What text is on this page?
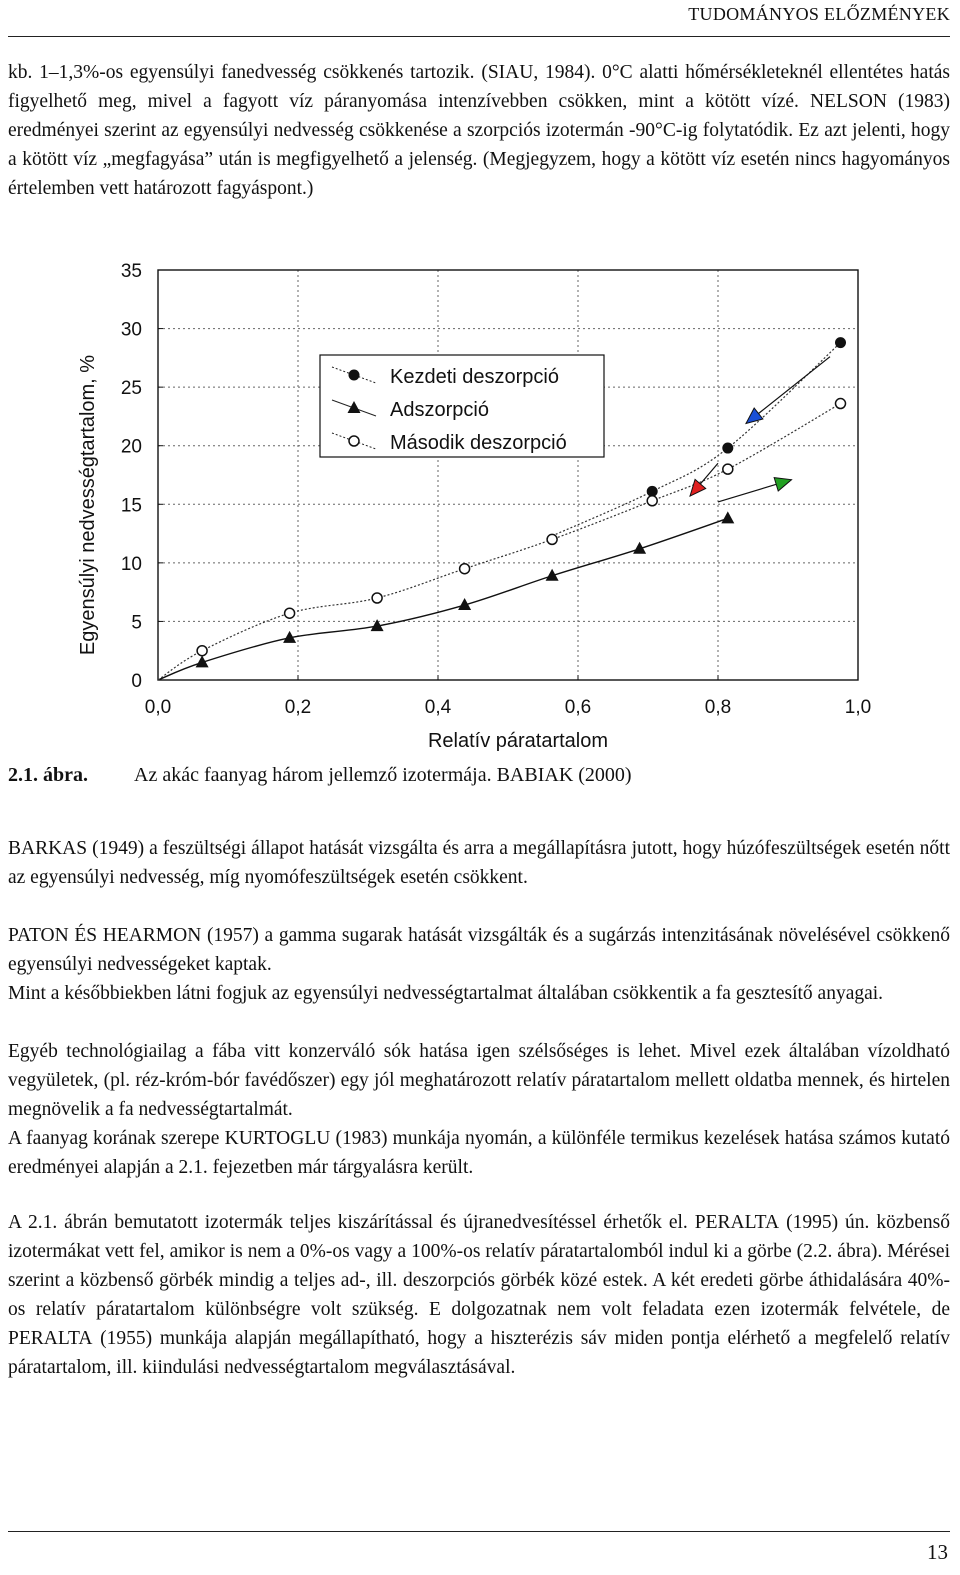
TUDOMÁNYOS ELŐZMÉNYEK

kb. 1–1,3%-os egyensúlyi fanedvesség csökkenés tartozik. (SIAU, 1984). 0°C alatti hőmérsékleteknél ellentétes hatás figyelhető meg, mivel a fagyott víz páranyomása intenzívebben csökken, mint a kötött vízé. NELSON (1983) eredményei szerint az egyensúlyi nedvesség csökkenése a szorpciós izotermán -90°C-ig folytatódik. Ez azt jelenti, hogy a kötött víz „megfagyása” után is megfigyelhető a jelenség. (Megjegyzem, hogy a kötött víz esetén nincs hagyományos értelemben vett határozott fagyáspont.)

0,0	0,2	0,4	0,6	0,8	1,0
0
5
10
15
20
25
30
35
Relatív páratartalom
Egyensúlyi nedvességtartalom, %	Kezdeti deszorpció
Adszorpció
Második deszorpció
2.1. ábra. Az akác faanyag három jellemző izotermája. BABIAK (2000)

BARKAS (1949) a feszültségi állapot hatását vizsgálta és arra a megállapításra jutott, hogy húzófeszültségek esetén nőtt az egyensúlyi nedvesség, míg nyomófeszültségek esetén csökkent.

PATON ÉS HEARMON (1957) a gamma sugarak hatását vizsgálták és a sugárzás intenzitásának növelésével csökkenő egyensúlyi nedvességeket kaptak.

Mint a későbbiekben látni fogjuk az egyensúlyi nedvességtartalmat általában csökkentik a fa gesztesítő anyagai.

Egyéb technológiailag a fába vitt konzerváló sók hatása igen szélsőséges is lehet. Mivel ezek általában vízoldható vegyületek, (pl. réz-króm-bór favédőszer) egy jól meghatározott relatív páratartalom mellett oldatba mennek, és hirtelen megnövelik a fa nedvességtartalmát.

A faanyag korának szerepe KURTOGLU (1983) munkája nyomán, a különféle termikus kezelések hatása számos kutató eredményei alapján a 2.1. fejezetben már tárgyalásra került.

A 2.1. ábrán bemutatott izotermák teljes kiszárítással és újranedvesítéssel érhetők el. PERALTA (1995) ún. közbenső izotermákat vett fel, amikor is nem a 0%-os vagy a 100%-os relatív páratartalomból indul ki a görbe (2.2. ábra). Mérései szerint a közbenső görbék mindig a teljes ad-, ill. deszorpciós görbék közé estek. A két eredeti görbe áthidalására 40%-os relatív páratartalom különbségre volt szükség. E dolgozatnak nem volt feladata ezen izotermák felvétele, de PERALTA (1955) munkája alapján megállapítható, hogy a hiszterézis sáv miden pontja elérhető a megfelelő relatív páratartalom, ill. kiindulási nedvességtartalom megválasztásával.

13
